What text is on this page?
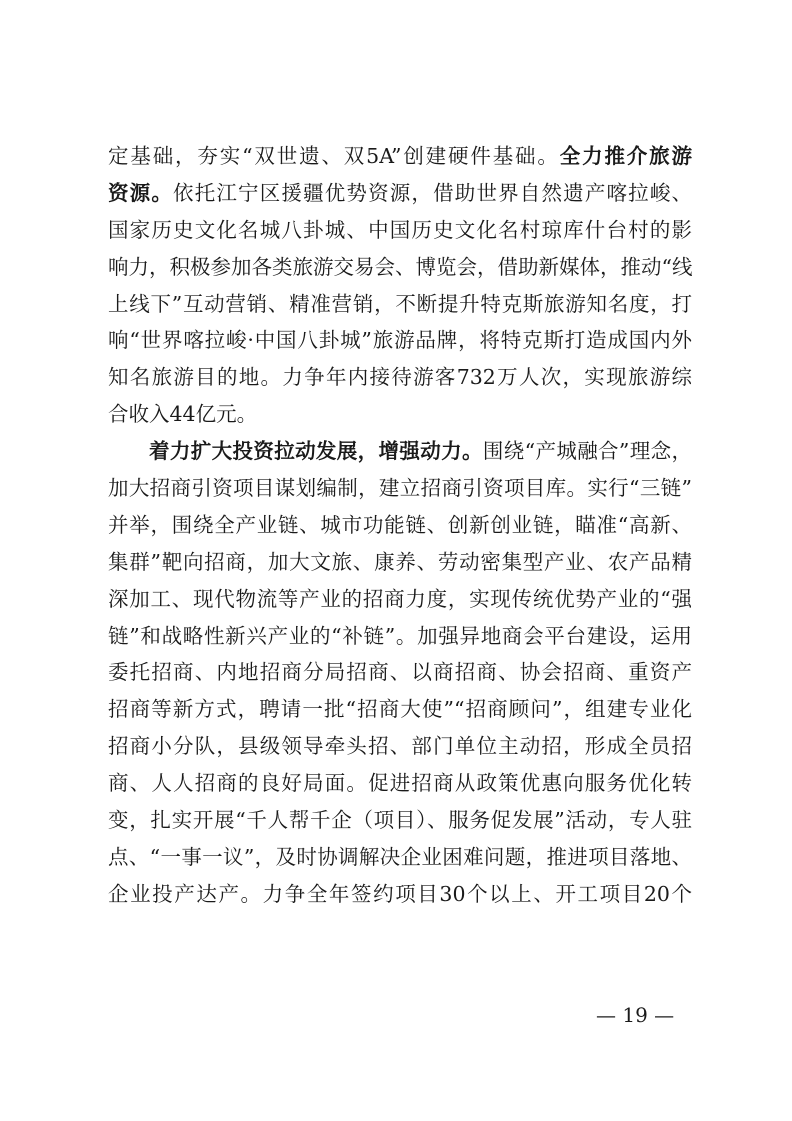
定基础，夯实“双世遗、双5A”创建硬件基础。全力推介旅游
资源。依托江宁区援疆优势资源，借助世界自然遗产喀拉峻、
国家历史文化名城八卦城、中国历史文化名村琼库什台村的影
响力，积极参加各类旅游交易会、博览会，借助新媒体，推动“线
上线下”互动营销、精准营销，不断提升特克斯旅游知名度，打
响“世界喀拉峻·中国八卦城”旅游品牌，将特克斯打造成国内外
知名旅游目的地。力争年内接待游客732万人次，实现旅游综
合收入44亿元。
着力扩大投资拉动发展，增强动力。围绕“产城融合”理念，
加大招商引资项目谋划编制，建立招商引资项目库。实行“三链”
并举，围绕全产业链、城市功能链、创新创业链，瞄准“高新、
集群”靶向招商，加大文旅、康养、劳动密集型产业、农产品精
深加工、现代物流等产业的招商力度，实现传统优势产业的“强
链”和战略性新兴产业的“补链”。加强异地商会平台建设，运用
委托招商、内地招商分局招商、以商招商、协会招商、重资产
招商等新方式，聘请一批“招商大使”“招商顾问”，组建专业化
招商小分队，县级领导牵头招、部门单位主动招，形成全员招
商、人人招商的良好局面。促进招商从政策优惠向服务优化转
变，扎实开展“千人帮千企（项目）、服务促发展”活动，专人驻
点、“一事一议”，及时协调解决企业困难问题，推进项目落地、
企业投产达产。力争全年签约项目30个以上、开工项目20个
— 19 —
